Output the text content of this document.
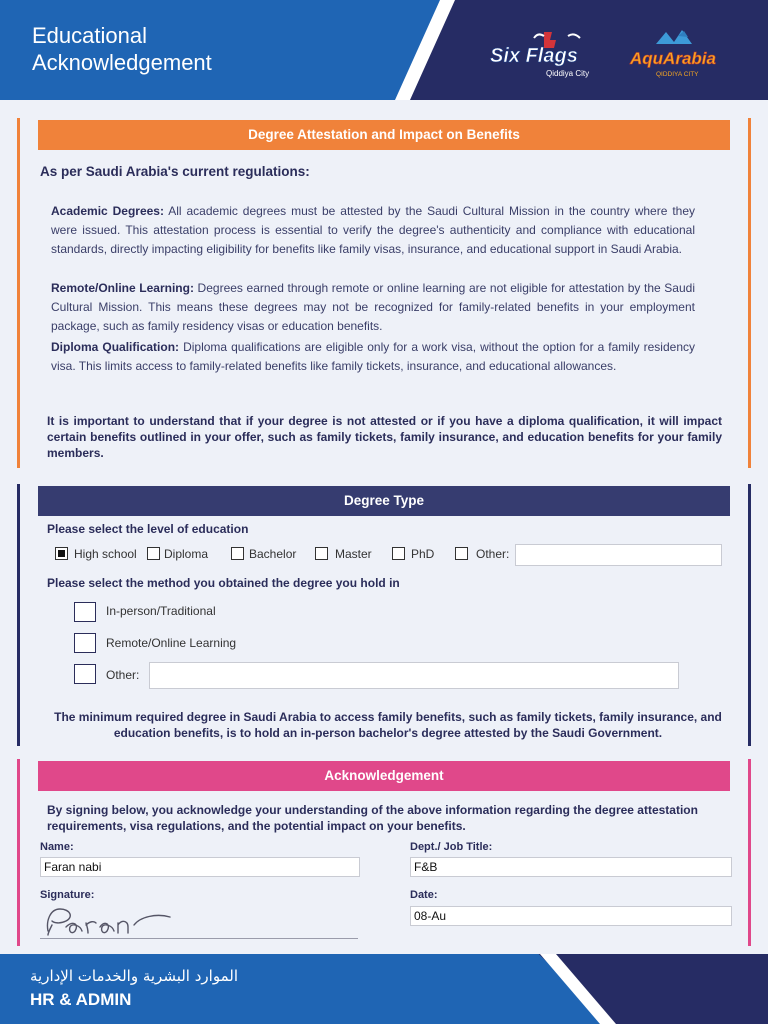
Educational
Acknowledgement	Six Flags
Qiddiya City
AquArabia
QIDDIYA CITY
Degree Attestation and Impact on Benefits
As per Saudi Arabia's current regulations:
Academic Degrees: All academic degrees must be attested by the Saudi Cultural Mission in the country where they were issued. This attestation process is essential to verify the degree's authenticity and compliance with educational standards, directly impacting eligibility for benefits like family visas, insurance, and educational support in Saudi Arabia.
Remote/Online Learning: Degrees earned through remote or online learning are not eligible for attestation by the Saudi Cultural Mission. This means these degrees may not be recognized for family-related benefits in your employment package, such as family residency visas or education benefits.
Diploma Qualification: Diploma qualifications are eligible only for a work visa, without the option for a family residency visa. This limits access to family-related benefits like family tickets, insurance, and educational allowances.
It is important to understand that if your degree is not attested or if you have a diploma qualification, it will impact certain benefits outlined in your offer, such as family tickets, family insurance, and education benefits for your family members.
Degree Type
Please select the level of education
High school Diploma	Bachelor	Master	PhD	Other:
Please select the method you obtained the degree you hold in
In-person/Traditional
Remote/Online Learning
Other:
The minimum required degree in Saudi Arabia to access family benefits, such as family tickets, family insurance, and education benefits, is to hold an in-person bachelor's degree attested by the Saudi Government.
Acknowledgement
By signing below, you acknowledge your understanding of the above information regarding the degree attestation requirements, visa regulations, and the potential impact on your benefits.
Name:
Faran nabi
Dept./ Job Title:
F&B
Signature:	Date:
08-Au
الموارد البشرية والخدمات الإدارية
HR & ADMIN
